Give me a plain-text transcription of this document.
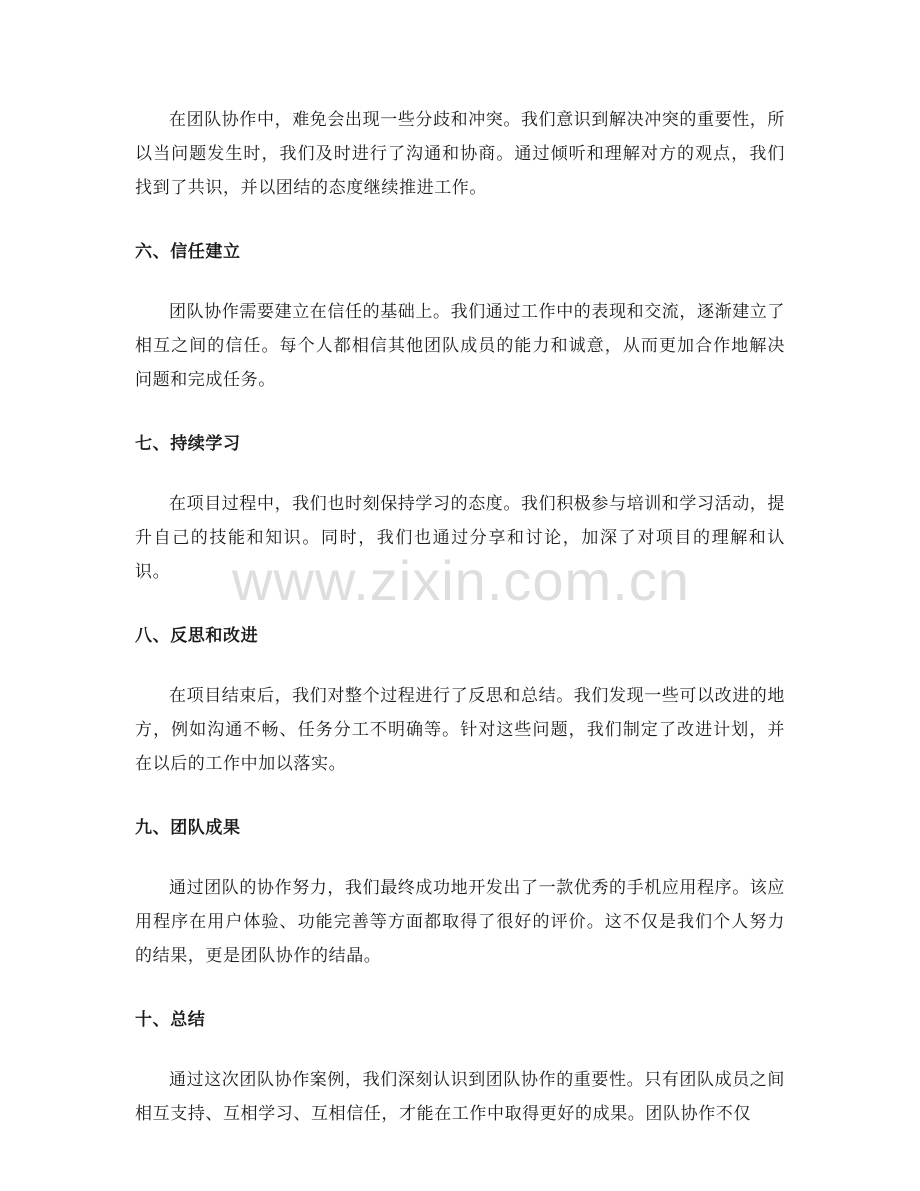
在团队协作中，难免会出现一些分歧和冲突。我们意识到解决冲突的重要性，所以当问题发生时，我们及时进行了沟通和协商。通过倾听和理解对方的观点，我们找到了共识，并以团结的态度继续推进工作。

六、信任建立

团队协作需要建立在信任的基础上。我们通过工作中的表现和交流，逐渐建立了相互之间的信任。每个人都相信其他团队成员的能力和诚意，从而更加合作地解决问题和完成任务。

七、持续学习

在项目过程中，我们也时刻保持学习的态度。我们积极参与培训和学习活动，提升自己的技能和知识。同时，我们也通过分享和讨论，加深了对项目的理解和认识。

八、反思和改进

在项目结束后，我们对整个过程进行了反思和总结。我们发现一些可以改进的地方，例如沟通不畅、任务分工不明确等。针对这些问题，我们制定了改进计划，并在以后的工作中加以落实。

九、团队成果

通过团队的协作努力，我们最终成功地开发出了一款优秀的手机应用程序。该应用程序在用户体验、功能完善等方面都取得了很好的评价。这不仅是我们个人努力的结果，更是团队协作的结晶。

十、总结

通过这次团队协作案例，我们深刻认识到团队协作的重要性。只有团队成员之间相互支持、互相学习、互相信任，才能在工作中取得更好的成果。团队协作不仅

www.zixin.com.cn
